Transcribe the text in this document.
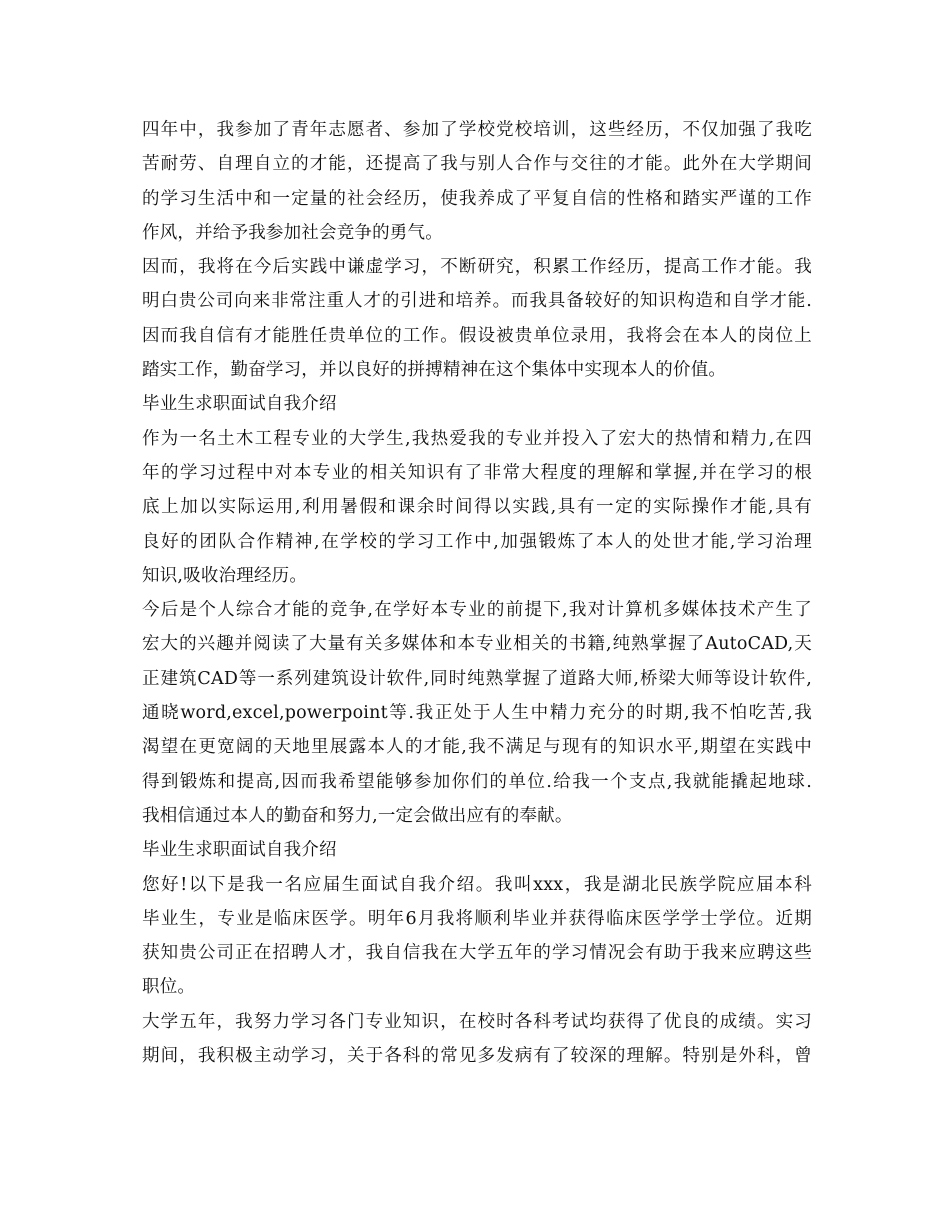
四年中，我参加了青年志愿者、参加了学校党校培训，这些经历，不仅加强了我吃
苦耐劳、自理自立的才能，还提高了我与别人合作与交往的才能。此外在大学期间
的学习生活中和一定量的社会经历，使我养成了平复自信的性格和踏实严谨的工作
作风，并给予我参加社会竞争的勇气。

因而，我将在今后实践中谦虚学习，不断研究，积累工作经历，提高工作才能。我
明白贵公司向来非常注重人才的引进和培养。而我具备较好的知识构造和自学才能.
因而我自信有才能胜任贵单位的工作。假设被贵单位录用，我将会在本人的岗位上
踏实工作，勤奋学习，并以良好的拼搏精神在这个集体中实现本人的价值。

毕业生求职面试自我介绍

作为一名土木工程专业的大学生,我热爱我的专业并投入了宏大的热情和精力,在四
年的学习过程中对本专业的相关知识有了非常大程度的理解和掌握,并在学习的根
底上加以实际运用,利用暑假和课余时间得以实践,具有一定的实际操作才能,具有
良好的团队合作精神,在学校的学习工作中,加强锻炼了本人的处世才能,学习治理
知识,吸收治理经历。

今后是个人综合才能的竞争,在学好本专业的前提下,我对计算机多媒体技术产生了
宏大的兴趣并阅读了大量有关多媒体和本专业相关的书籍,纯熟掌握了AutoCAD,天
正建筑CAD等一系列建筑设计软件,同时纯熟掌握了道路大师,桥梁大师等设计软件,
通晓word,excel,powerpoint等.我正处于人生中精力充分的时期,我不怕吃苦,我
渴望在更宽阔的天地里展露本人的才能,我不满足与现有的知识水平,期望在实践中
得到锻炼和提高,因而我希望能够参加你们的单位.给我一个支点,我就能撬起地球.
我相信通过本人的勤奋和努力,一定会做出应有的奉献。

毕业生求职面试自我介绍

您好!以下是我一名应届生面试自我介绍。我叫xxx，我是湖北民族学院应届本科
毕业生，专业是临床医学。明年6月我将顺利毕业并获得临床医学学士学位。近期
获知贵公司正在招聘人才，我自信我在大学五年的学习情况会有助于我来应聘这些
职位。

大学五年，我努力学习各门专业知识，在校时各科考试均获得了优良的成绩。实习
期间，我积极主动学习，关于各科的常见多发病有了较深的理解。特别是外科，曾
